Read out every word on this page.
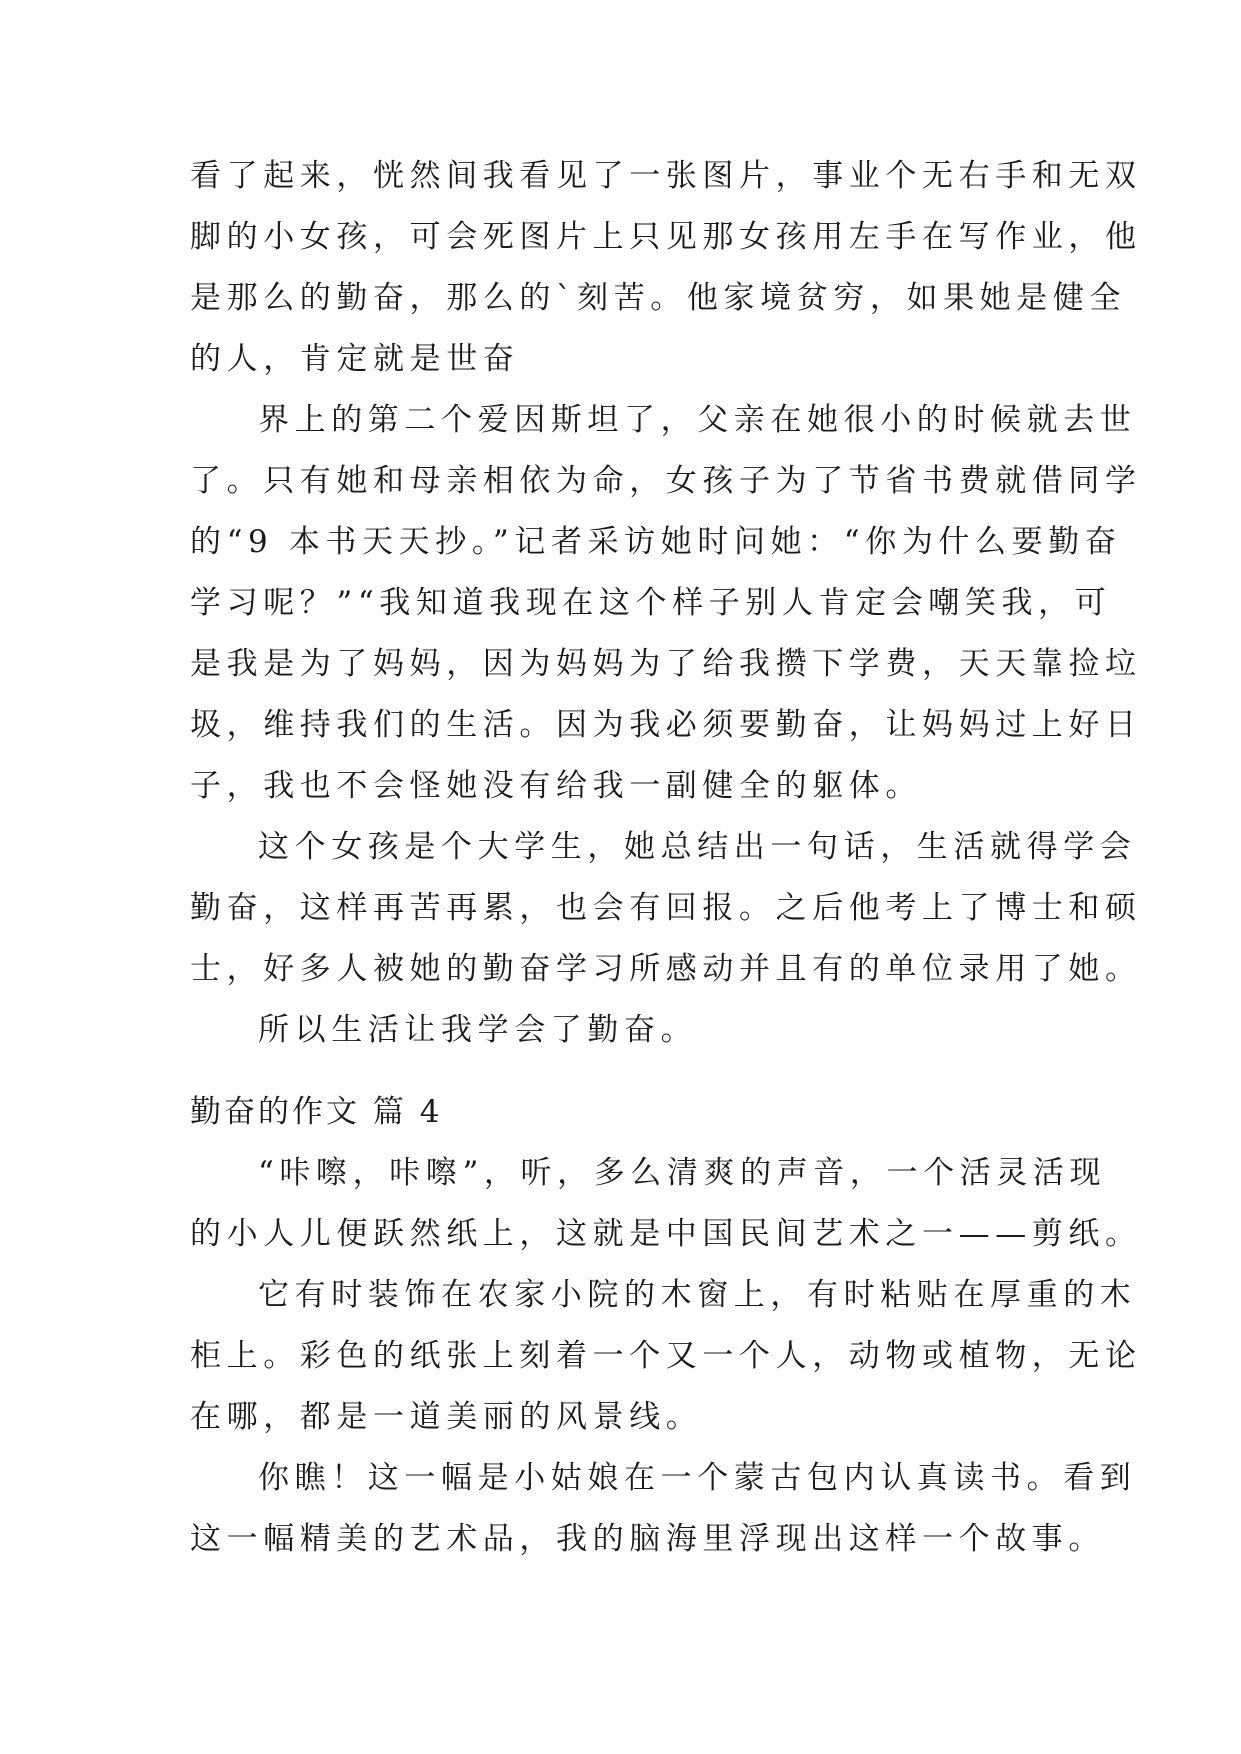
看了起来，恍然间我看见了一张图片，事业个无右手和无双
脚的小女孩，可会死图片上只见那女孩用左手在写作业，他
是那么的勤奋，那么的`刻苦。他家境贫穷，如果她是健全
的人，肯定就是世奋
界上的第二个爱因斯坦了，父亲在她很小的时候就去世
了。只有她和母亲相依为命，女孩子为了节省书费就借同学
的“9 本书天天抄。”记者采访她时问她：“你为什么要勤奋
学习呢？”“我知道我现在这个样子别人肯定会嘲笑我，可
是我是为了妈妈，因为妈妈为了给我攒下学费，天天靠捡垃
圾，维持我们的生活。因为我必须要勤奋，让妈妈过上好日
子，我也不会怪她没有给我一副健全的躯体。
这个女孩是个大学生，她总结出一句话，生活就得学会
勤奋，这样再苦再累，也会有回报。之后他考上了博士和硕
士，好多人被她的勤奋学习所感动并且有的单位录用了她。
所以生活让我学会了勤奋。
勤奋的作文 篇 4
“咔嚓，咔嚓”，听，多么清爽的声音，一个活灵活现
的小人儿便跃然纸上，这就是中国民间艺术之一——剪纸。
它有时装饰在农家小院的木窗上，有时粘贴在厚重的木
柜上。彩色的纸张上刻着一个又一个人，动物或植物，无论
在哪，都是一道美丽的风景线。
你瞧！这一幅是小姑娘在一个蒙古包内认真读书。看到
这一幅精美的艺术品，我的脑海里浮现出这样一个故事。
